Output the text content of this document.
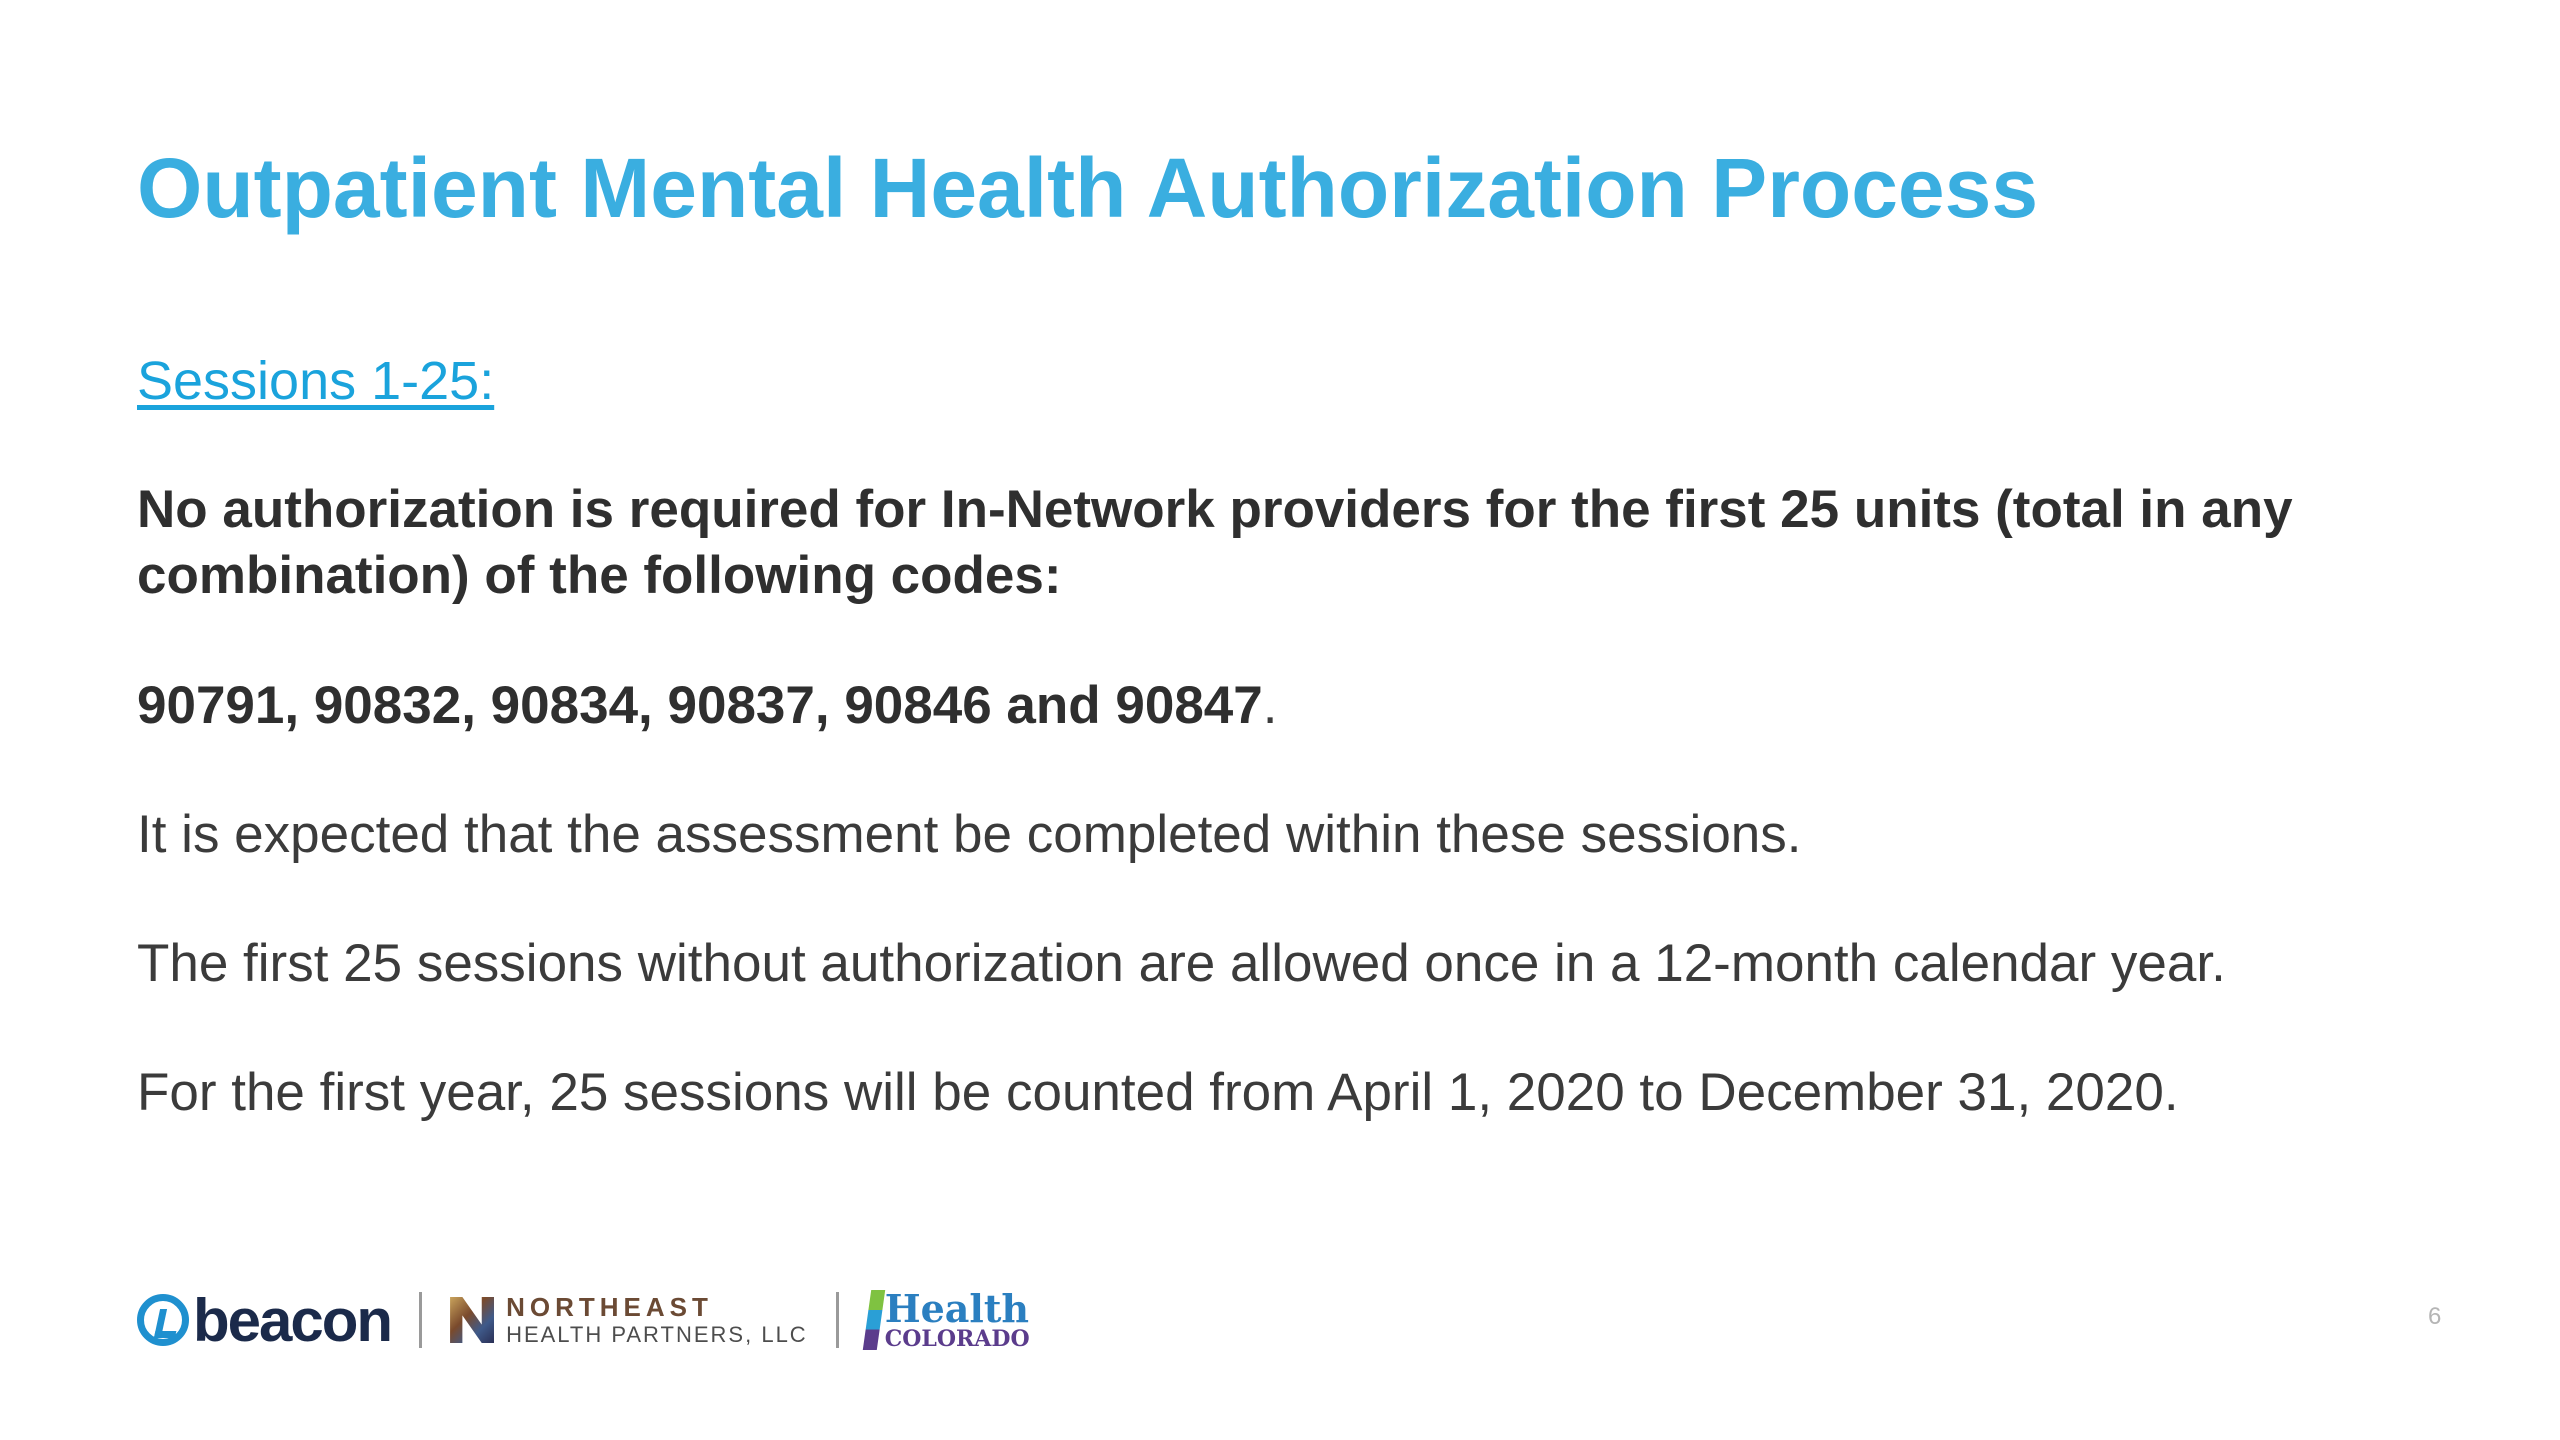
Outpatient Mental Health Authorization Process
Sessions 1-25:

No authorization is required for In-Network providers for the first 25 units (total in any
combination) of the following codes:

90791, 90832, 90834, 90837, 90846 and 90847.

It is expected that the assessment be completed within these sessions.

The first 25 sessions without authorization are allowed once in a 12-month calendar year.

For the first year, 25 sessions will be counted from April 1, 2020 to December 31, 2020.

beacon	NORTHEAST
HEALTH PARTNERS, LLC
Health
COLORADO
6
